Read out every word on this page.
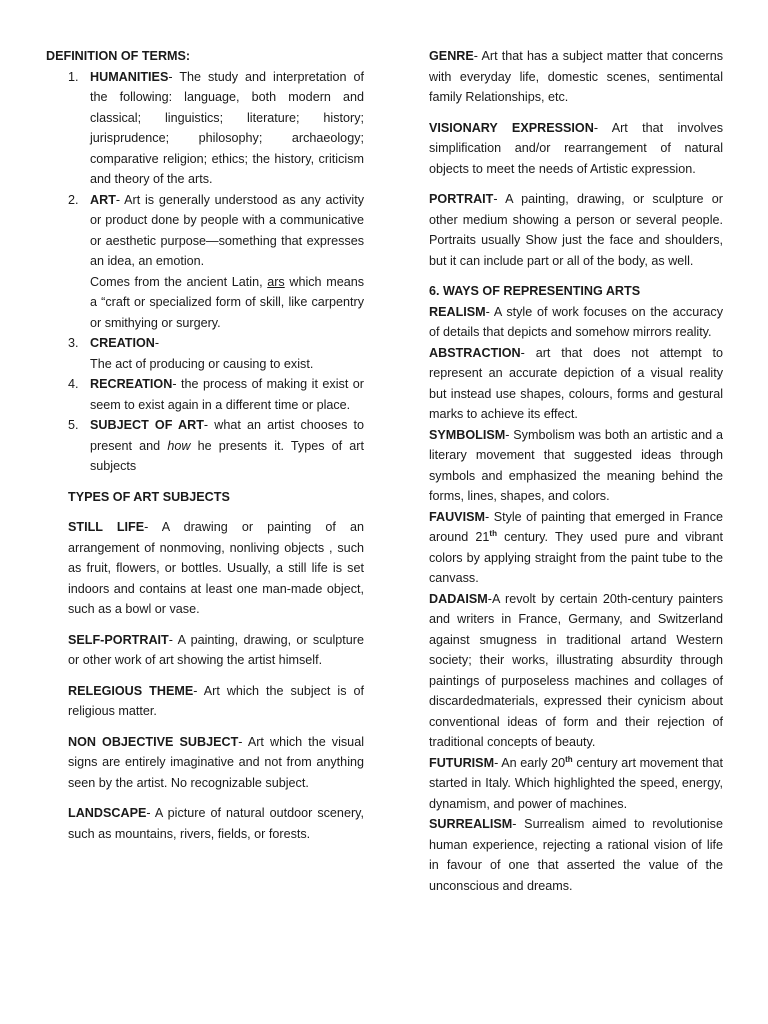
DEFINITION OF TERMS:

1. HUMANITIES- The study and interpretation of the following: language, both modern and classical; linguistics; literature; history; jurisprudence; philosophy; archaeology; comparative religion; ethics; the history, criticism and theory of the arts.
2. ART- Art is generally understood as any activity or product done by people with a communicative or aesthetic purpose—something that expresses an idea, an emotion.
Comes from the ancient Latin, ars which means a “craft or specialized form of skill, like carpentry or smithying or surgery.
3. CREATION-
The act of producing or causing to exist.
4. RECREATION- the process of making it exist or seem to exist again in a different time or place.
5. SUBJECT OF ART- what an artist chooses to present and how he presents it. Types of art subjects

TYPES OF ART SUBJECTS

STILL LIFE- A drawing or painting of an arrangement of nonmoving, nonliving objects , such as fruit, flowers, or bottles. Usually, a still life is set indoors and contains at least one man-made object, such as a bowl or vase.

SELF-PORTRAIT- A painting, drawing, or sculpture or other work of art showing the artist himself.

RELEGIOUS THEME- Art which the subject is of religious matter.

NON OBJECTIVE SUBJECT- Art which the visual signs are entirely imaginative and not from anything seen by the artist. No recognizable subject.

LANDSCAPE- A picture of natural outdoor scenery, such as mountains, rivers, fields, or forests.

GENRE- Art that has a subject matter that concerns with everyday life, domestic scenes, sentimental family Relationships, etc.

VISIONARY EXPRESSION- Art that involves simplification and/or rearrangement of natural objects to meet the needs of Artistic expression.

PORTRAIT- A painting, drawing, or sculpture or other medium showing a person or several people. Portraits usually Show just the face and shoulders, but it can include part or all of the body, as well.

6. WAYS OF REPRESENTING ARTS

REALISM- A style of work focuses on the accuracy of details that depicts and somehow mirrors reality.

ABSTRACTION- art that does not attempt to represent an accurate depiction of a visual reality but instead use shapes, colours, forms and gestural marks to achieve its effect.

SYMBOLISM- Symbolism was both an artistic and a literary movement that suggested ideas through symbols and emphasized the meaning behind the forms, lines, shapes, and colors.

FAUVISM- Style of painting that emerged in France around 21th century. They used pure and vibrant colors by applying straight from the paint tube to the canvass.

DADAISM-A revolt by certain 20th-century painters and writers in France, Germany, and Switzerland against smugness in traditional artand Western society; their works, illustrating absurdity through paintings of purposeless machines and collages of discardedmaterials, expressed their cynicism about conventional ideas of form and their rejection of traditional concepts of beauty.

FUTURISM- An early 20th century art movement that started in Italy. Which highlighted the speed, energy, dynamism, and power of machines.

SURREALISM- Surrealism aimed to revolutionise human experience, rejecting a rational vision of life in favour of one that asserted the value of the unconscious and dreams.
